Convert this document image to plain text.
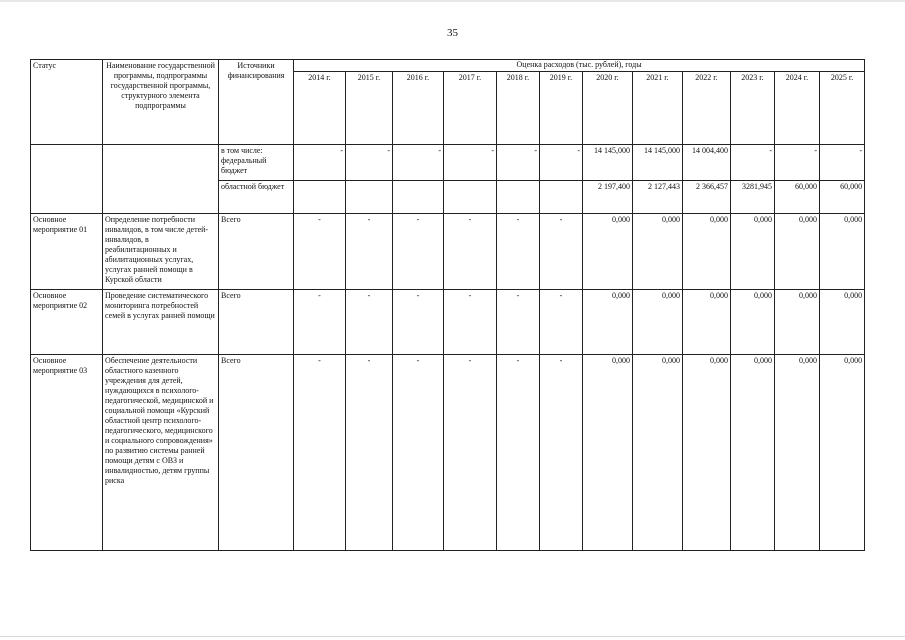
35
Статус	Наименование государственной программы, подпрограммы государственной программы, структурного элемента подпрограммы	Источники финансирования	Оценка расходов (тыс. рублей), годы											
			2014 г.	2015 г.	2016 г.	2017 г.	2018 г.	2019 г.	2020 г.	2021 г.	2022 г.	2023 г.	2024 г.	2025 г.
		в том числе: федеральный бюджет	-	-	-	-	-	-	14 145,000	14 145,000	14 004,400	-	-	-
		областной бюджет							2 197,400	2 127,443	2 366,457	3281,945	60,000	60,000
Основное мероприятие 01	Определение потребности инвалидов, в том числе детей-инвалидов, в реабилитационных и абилитационных услугах, услугах ранней помощи в Курской области	Всего	-	-	-	-	-	-	0,000	0,000	0,000	0,000	0,000	0,000
Основное мероприятие 02	Проведение систематического мониторинга потребностей семей в услугах ранней помощи	Всего	-	-	-	-	-	-	0,000	0,000	0,000	0,000	0,000	0,000
Основное мероприятие 03	Обеспечение деятельности областного казенного учреждения для детей, нуждающихся в психолого-педагогической, медицинской и социальной помощи «Курский областной центр психолого-педагогического, медицинского и социального сопровождения» по развитию системы ранней помощи детям с ОВЗ и инвалидностью, детям группы риска	Всего	-	-	-	-	-	-	0,000	0,000	0,000	0,000	0,000	0,000
